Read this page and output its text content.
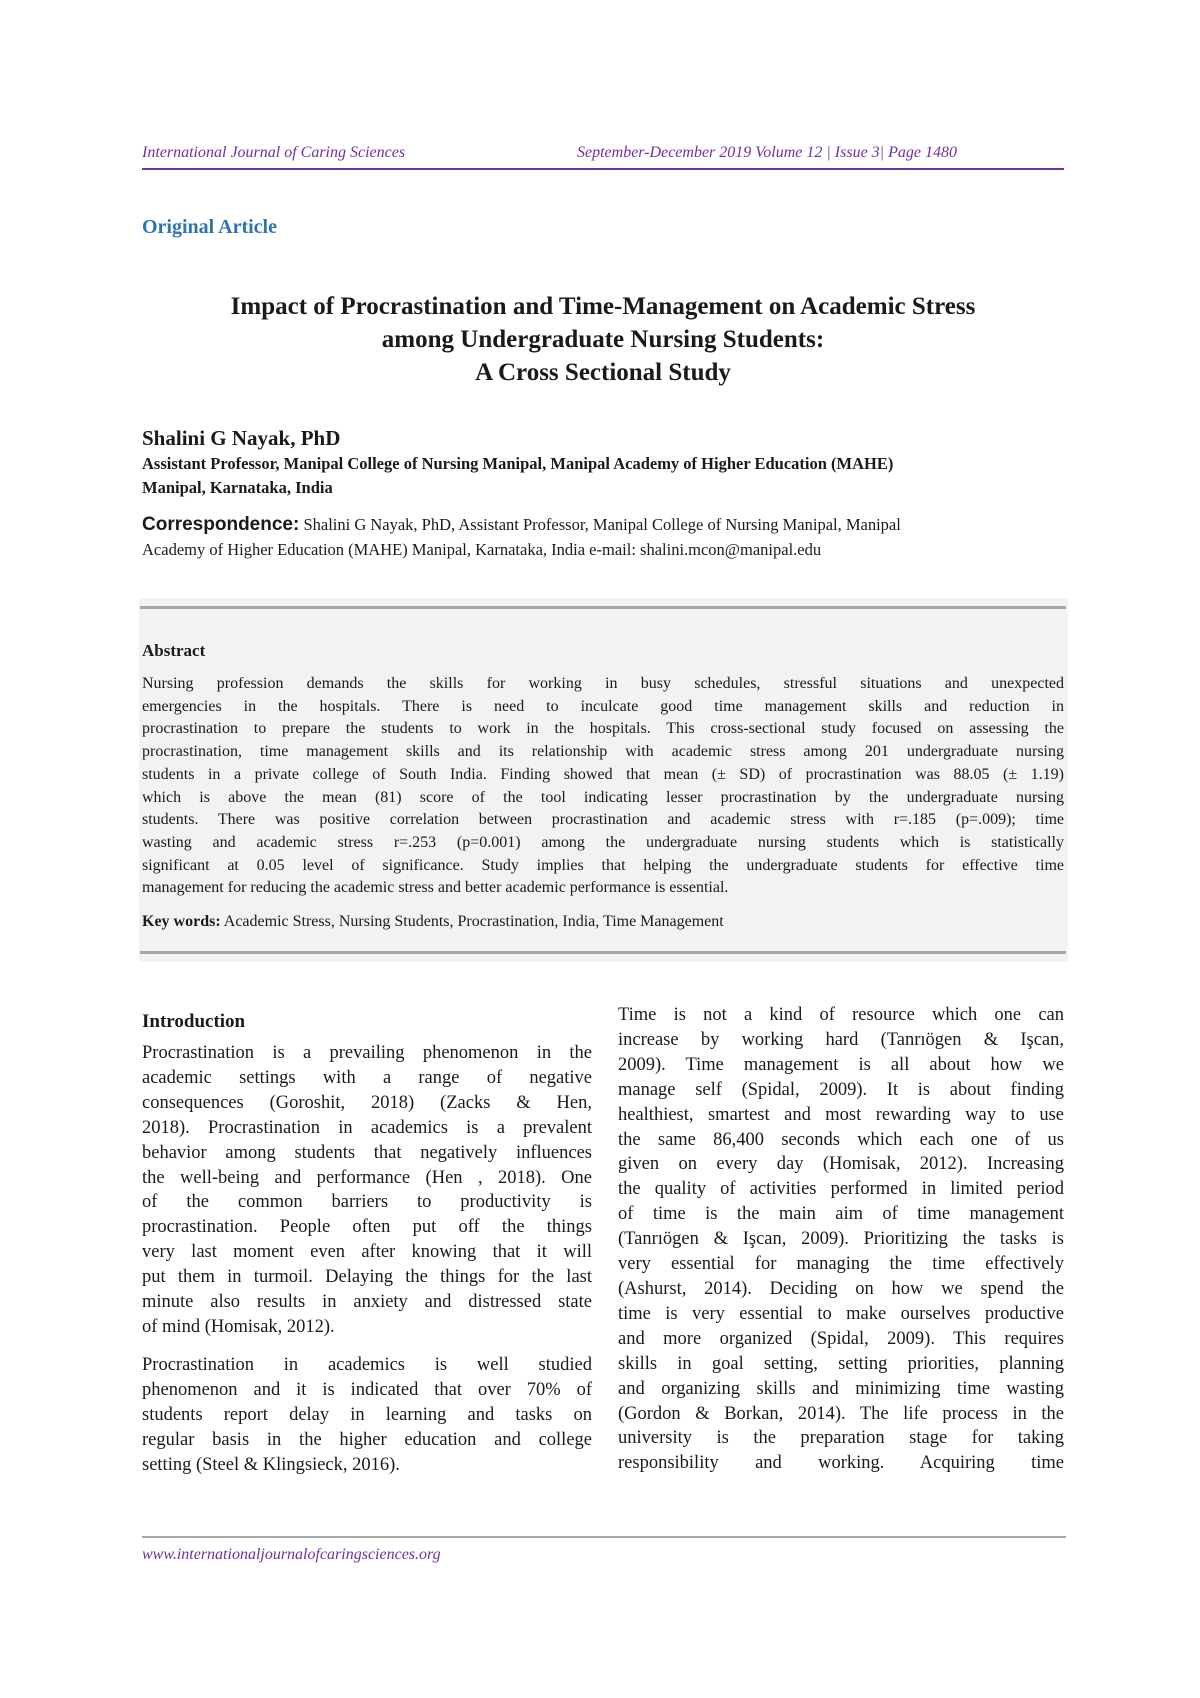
International Journal of Caring Sciences	September-December 2019 Volume 12 | Issue 3| Page 1480
Original Article
Impact of Procrastination and Time-Management on Academic Stress
among Undergraduate Nursing Students:
A Cross Sectional Study
Shalini G Nayak, PhD
Assistant Professor, Manipal College of Nursing Manipal, Manipal Academy of Higher Education (MAHE)
Manipal, Karnataka, India
Correspondence: Shalini G Nayak, PhD, Assistant Professor, Manipal College of Nursing Manipal, Manipal
Academy of Higher Education (MAHE) Manipal, Karnataka, India e-mail: shalini.mcon@manipal.edu
Abstract
Nursing profession demands the skills for working in busy schedules, stressful situations and unexpected
emergencies in the hospitals. There is need to inculcate good time management skills and reduction in
procrastination to prepare the students to work in the hospitals. This cross-sectional study focused on assessing the
procrastination, time management skills and its relationship with academic stress among 201 undergraduate nursing
students in a private college of South India. Finding showed that mean (± SD) of procrastination was 88.05 (± 1.19)
which is above the mean (81) score of the tool indicating lesser procrastination by the undergraduate nursing
students. There was positive correlation between procrastination and academic stress with r=.185 (p=.009); time
wasting and academic stress r=.253 (p=0.001) among the undergraduate nursing students which is statistically
significant at 0.05 level of significance. Study implies that helping the undergraduate students for effective time
management for reducing the academic stress and better academic performance is essential.
Key words: Academic Stress, Nursing Students, Procrastination, India, Time Management
Introduction
Procrastination is a prevailing phenomenon in the
academic settings with a range of negative
consequences (Goroshit, 2018) (Zacks & Hen,
2018). Procrastination in academics is a prevalent
behavior among students that negatively influences
the well-being and performance (Hen , 2018). One
of the common barriers to productivity is
procrastination. People often put off the things
very last moment even after knowing that it will
put them in turmoil. Delaying the things for the last
minute also results in anxiety and distressed state
of mind (Homisak, 2012).
Procrastination in academics is well studied
phenomenon and it is indicated that over 70% of
students report delay in learning and tasks on
regular basis in the higher education and college
setting (Steel & Klingsieck, 2016).
Time is not a kind of resource which one can
increase by working hard (Tanrıögen & Işcan,
2009). Time management is all about how we
manage self (Spidal, 2009). It is about finding
healthiest, smartest and most rewarding way to use
the same 86,400 seconds which each one of us
given on every day (Homisak, 2012). Increasing
the quality of activities performed in limited period
of time is the main aim of time management
(Tanrıögen & Işcan, 2009). Prioritizing the tasks is
very essential for managing the time effectively
(Ashurst, 2014). Deciding on how we spend the
time is very essential to make ourselves productive
and more organized (Spidal, 2009). This requires
skills in goal setting, setting priorities, planning
and organizing skills and minimizing time wasting
(Gordon & Borkan, 2014). The life process in the
university is the preparation stage for taking
responsibility and working. Acquiring time
www.internationaljournalofcaringsciences.org
